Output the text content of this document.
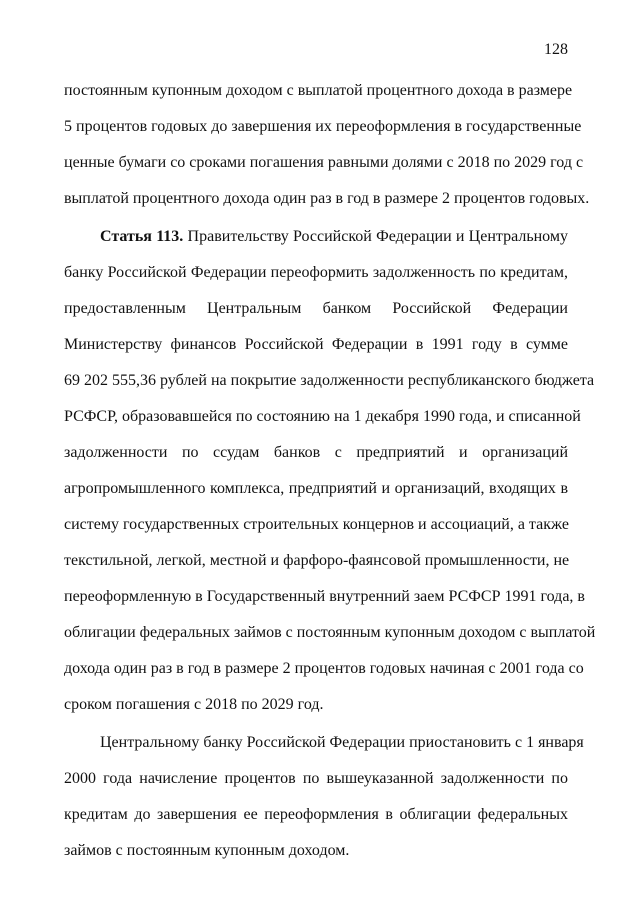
128
постоянным купонным доходом с выплатой процентного дохода в размере
5 процентов годовых до завершения их переоформления в государственные
ценные бумаги со сроками погашения равными долями с 2018 по 2029 год с
выплатой процентного дохода один раз в год в размере 2 процентов годовых.
Статья 113. Правительству Российской Федерации и Центральному
банку Российской Федерации переоформить задолженность по кредитам,
предоставленным Центральным банком Российской Федерации
Министерству финансов Российской Федерации в 1991 году в сумме
69 202 555,36 рублей на покрытие задолженности республиканского бюджета
РСФСР, образовавшейся по состоянию на 1 декабря 1990 года, и списанной
задолженности по ссудам банков с предприятий и организаций
агропромышленного комплекса, предприятий и организаций, входящих в
систему государственных строительных концернов и ассоциаций, а также
текстильной, легкой, местной и фарфоро-фаянсовой промышленности, не
переоформленную в Государственный внутренний заем РСФСР 1991 года, в
облигации федеральных займов с постоянным купонным доходом с выплатой
дохода один раз в год в размере 2 процентов годовых начиная с 2001 года со
сроком погашения с 2018 по 2029 год.
Центральному банку Российской Федерации приостановить с 1 января
2000 года начисление процентов по вышеуказанной задолженности по
кредитам до завершения ее переоформления в облигации федеральных
займов с постоянным купонным доходом.
